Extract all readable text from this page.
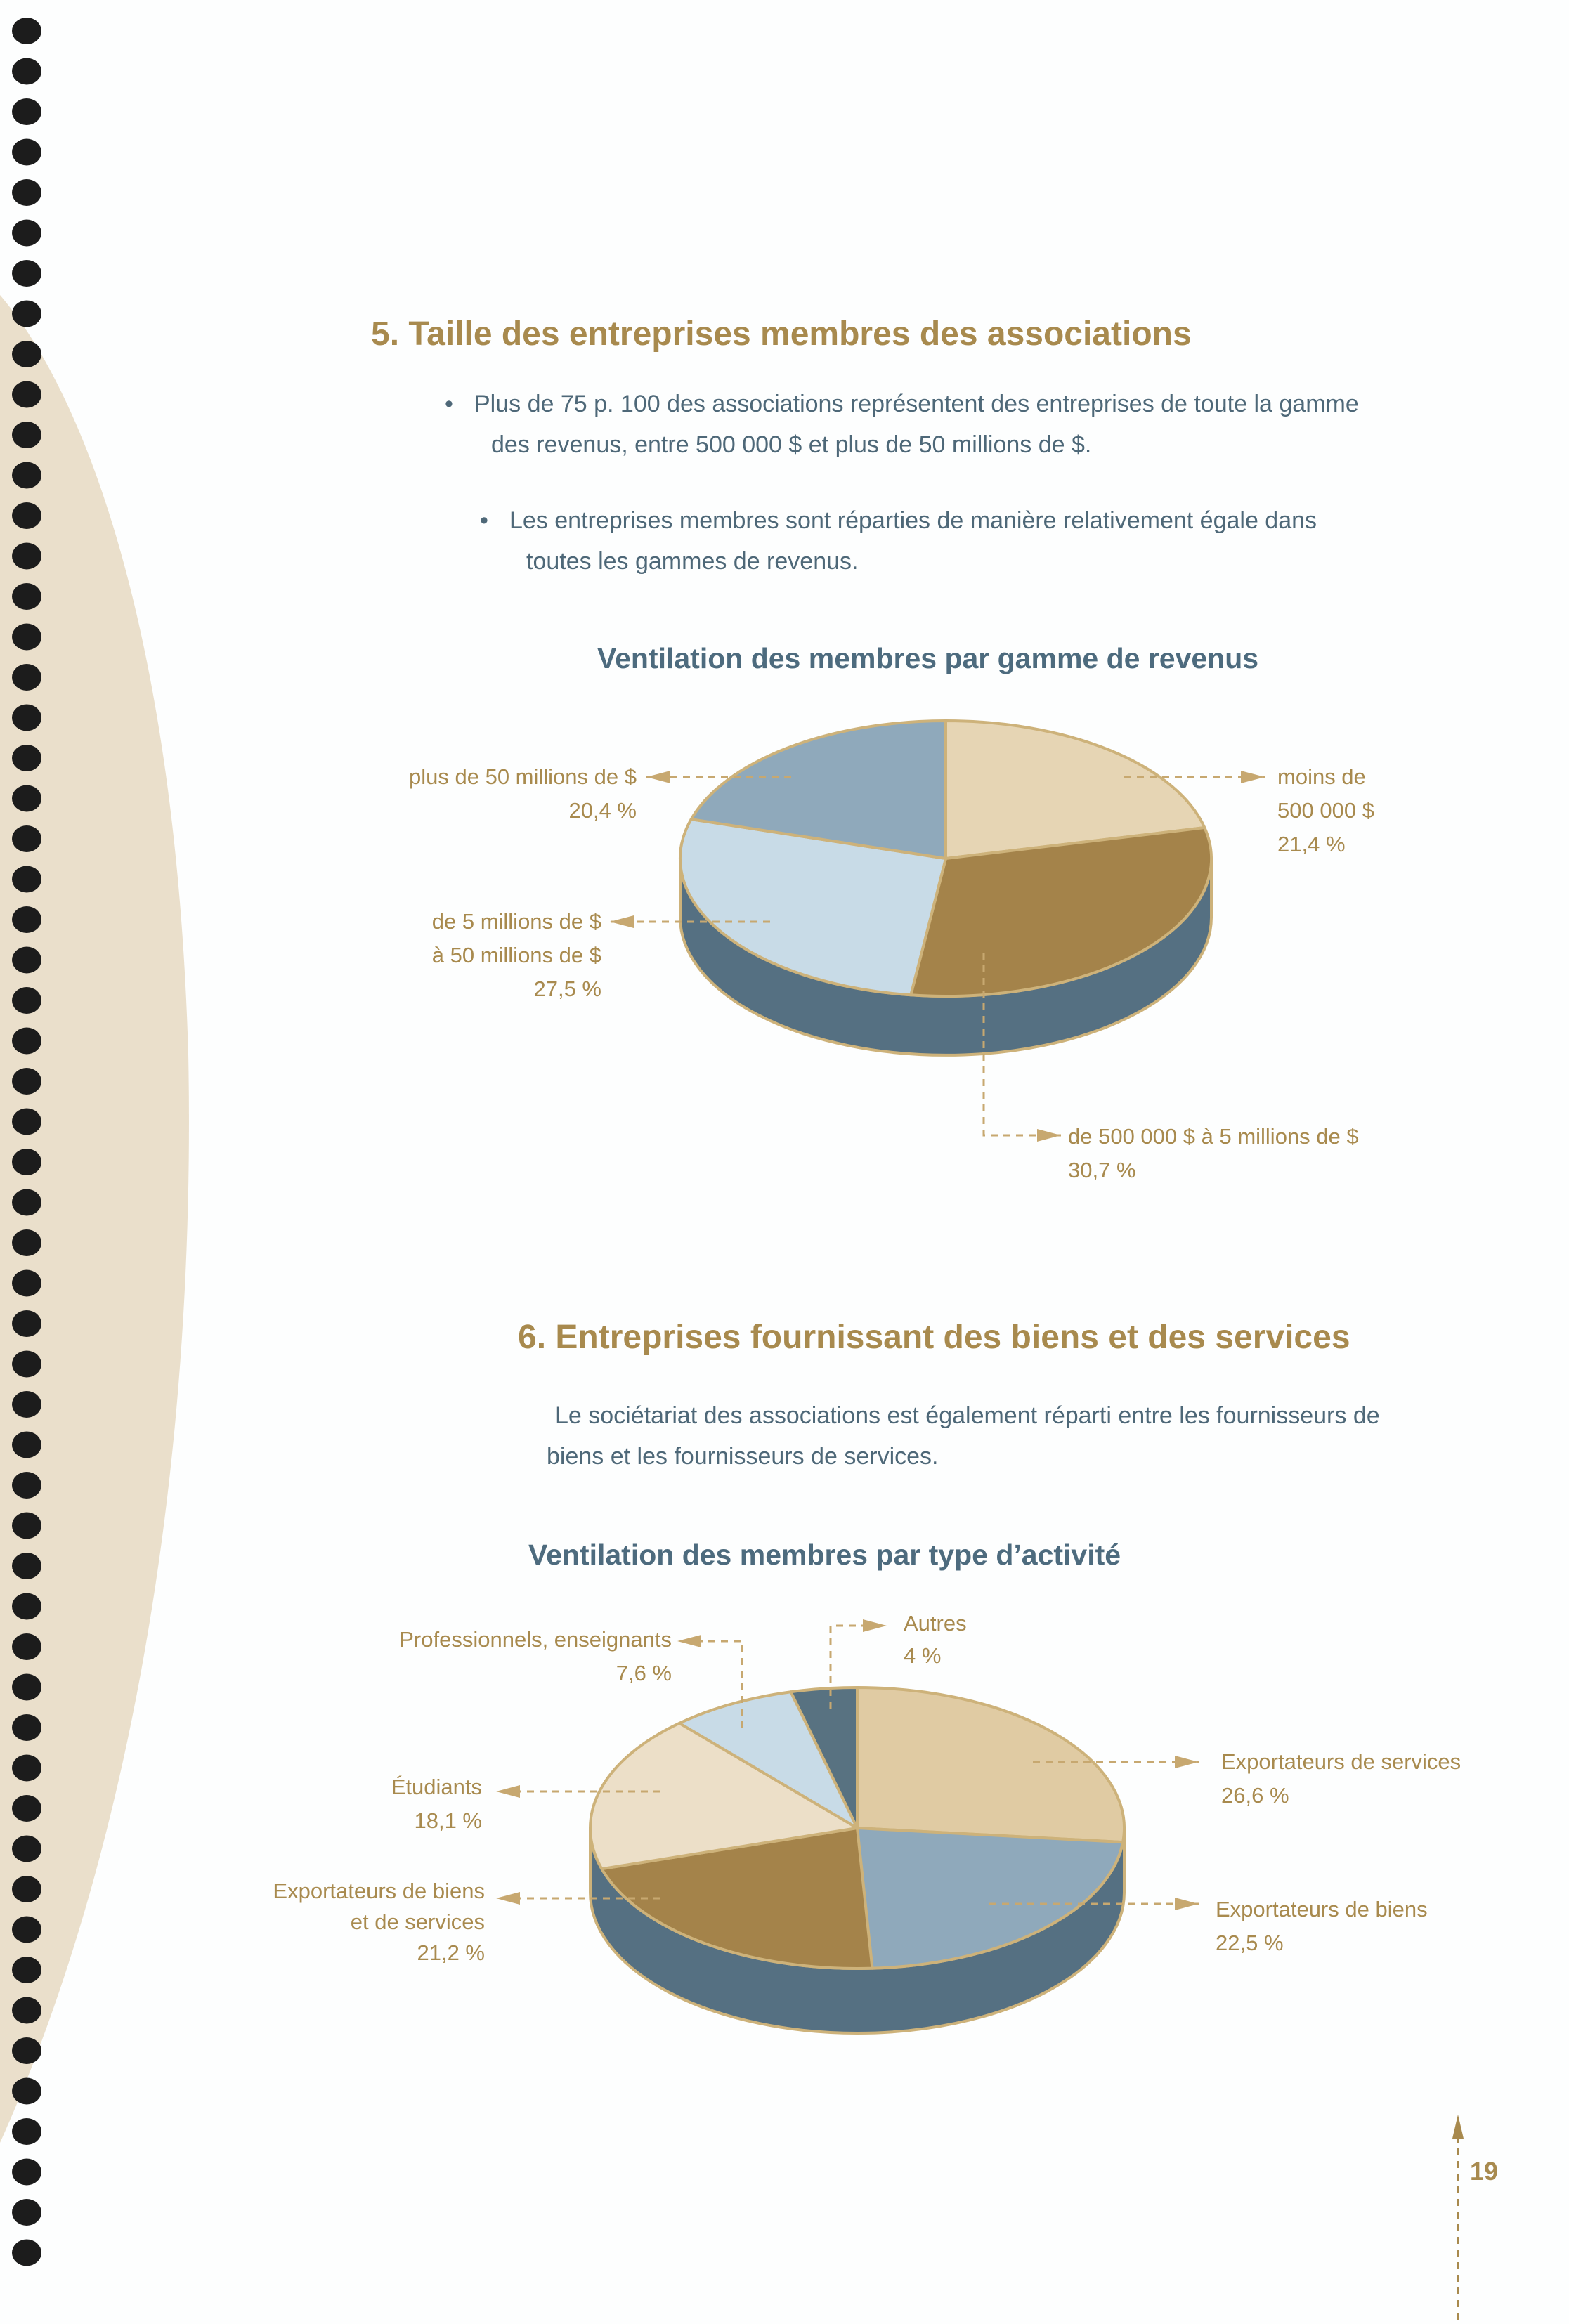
5. Taille des entreprises membres des associations
• Plus de 75 p. 100 des associations représentent des entreprises de toute la gamme
des revenus, entre 500 000 $ et plus de 50 millions de $.
• Les entreprises membres sont réparties de manière relativement égale dans
toutes les gammes de revenus.
Ventilation des membres par gamme de revenus
moins de
500 000 $
21,4 %
de 500 000 $ à 5 millions de $
30,7 %
de 5 millions de $
à 50 millions de $
27,5 %
plus de 50 millions de $
20,4 %
6. Entreprises fournissant des biens et des services
Le sociétariat des associations est également réparti entre les fournisseurs de
biens et les fournisseurs de services.
Ventilation des membres par type d’activité
Exportateurs de services
26,6 %
Exportateurs de biens
22,5 %
Exportateurs de biens
et de services
21,2 %
Étudiants
18,1 %
Professionnels, enseignants
7,6 %
Autres
4 %
19
